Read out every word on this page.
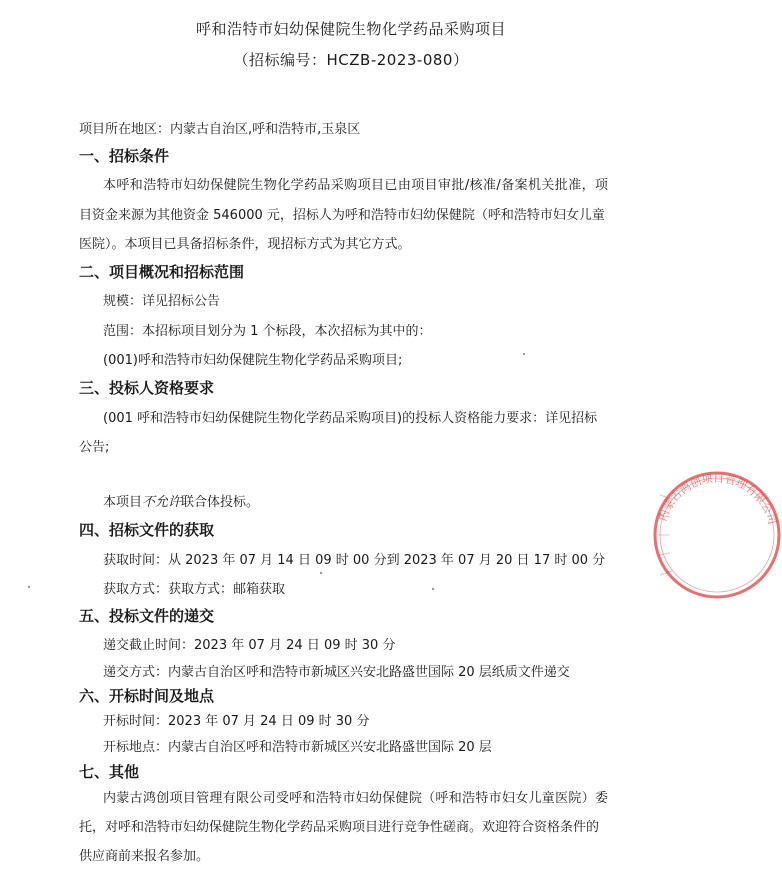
呼和浩特市妇幼保健院生物化学药品采购项目
（招标编号：HCZB-2023-080）
项目所在地区：内蒙古自治区,呼和浩特市,玉泉区
一、招标条件
本呼和浩特市妇幼保健院生物化学药品采购项目已由项目审批/核准/备案机关批准，项
目资金来源为其他资金 546000 元，招标人为呼和浩特市妇幼保健院（呼和浩特市妇女儿童
医院）。本项目已具备招标条件，现招标方式为其它方式。
二、项目概况和招标范围
规模：详见招标公告
范围：本招标项目划分为 1 个标段，本次招标为其中的：
(001)呼和浩特市妇幼保健院生物化学药品采购项目;
三、投标人资格要求
(001 呼和浩特市妇幼保健院生物化学药品采购项目)的投标人资格能力要求：详见招标
公告;
本项目不允许联合体投标。
四、招标文件的获取
获取时间：从 2023 年 07 月 14 日 09 时 00 分到 2023 年 07 月 20 日 17 时 00 分
获取方式：获取方式：邮箱获取
五、投标文件的递交
递交截止时间：2023 年 07 月 24 日 09 时 30 分
递交方式：内蒙古自治区呼和浩特市新城区兴安北路盛世国际 20 层纸质文件递交
六、开标时间及地点
开标时间：2023 年 07 月 24 日 09 时 30 分
开标地点：内蒙古自治区呼和浩特市新城区兴安北路盛世国际 20 层
七、其他
内蒙古鸿创项目管理有限公司受呼和浩特市妇幼保健院（呼和浩特市妇女儿童医院）委
托，对呼和浩特市妇幼保健院生物化学药品采购项目进行竞争性磋商。欢迎符合资格条件的
供应商前来报名参加。
内蒙古鸿创项目管理有限公司
